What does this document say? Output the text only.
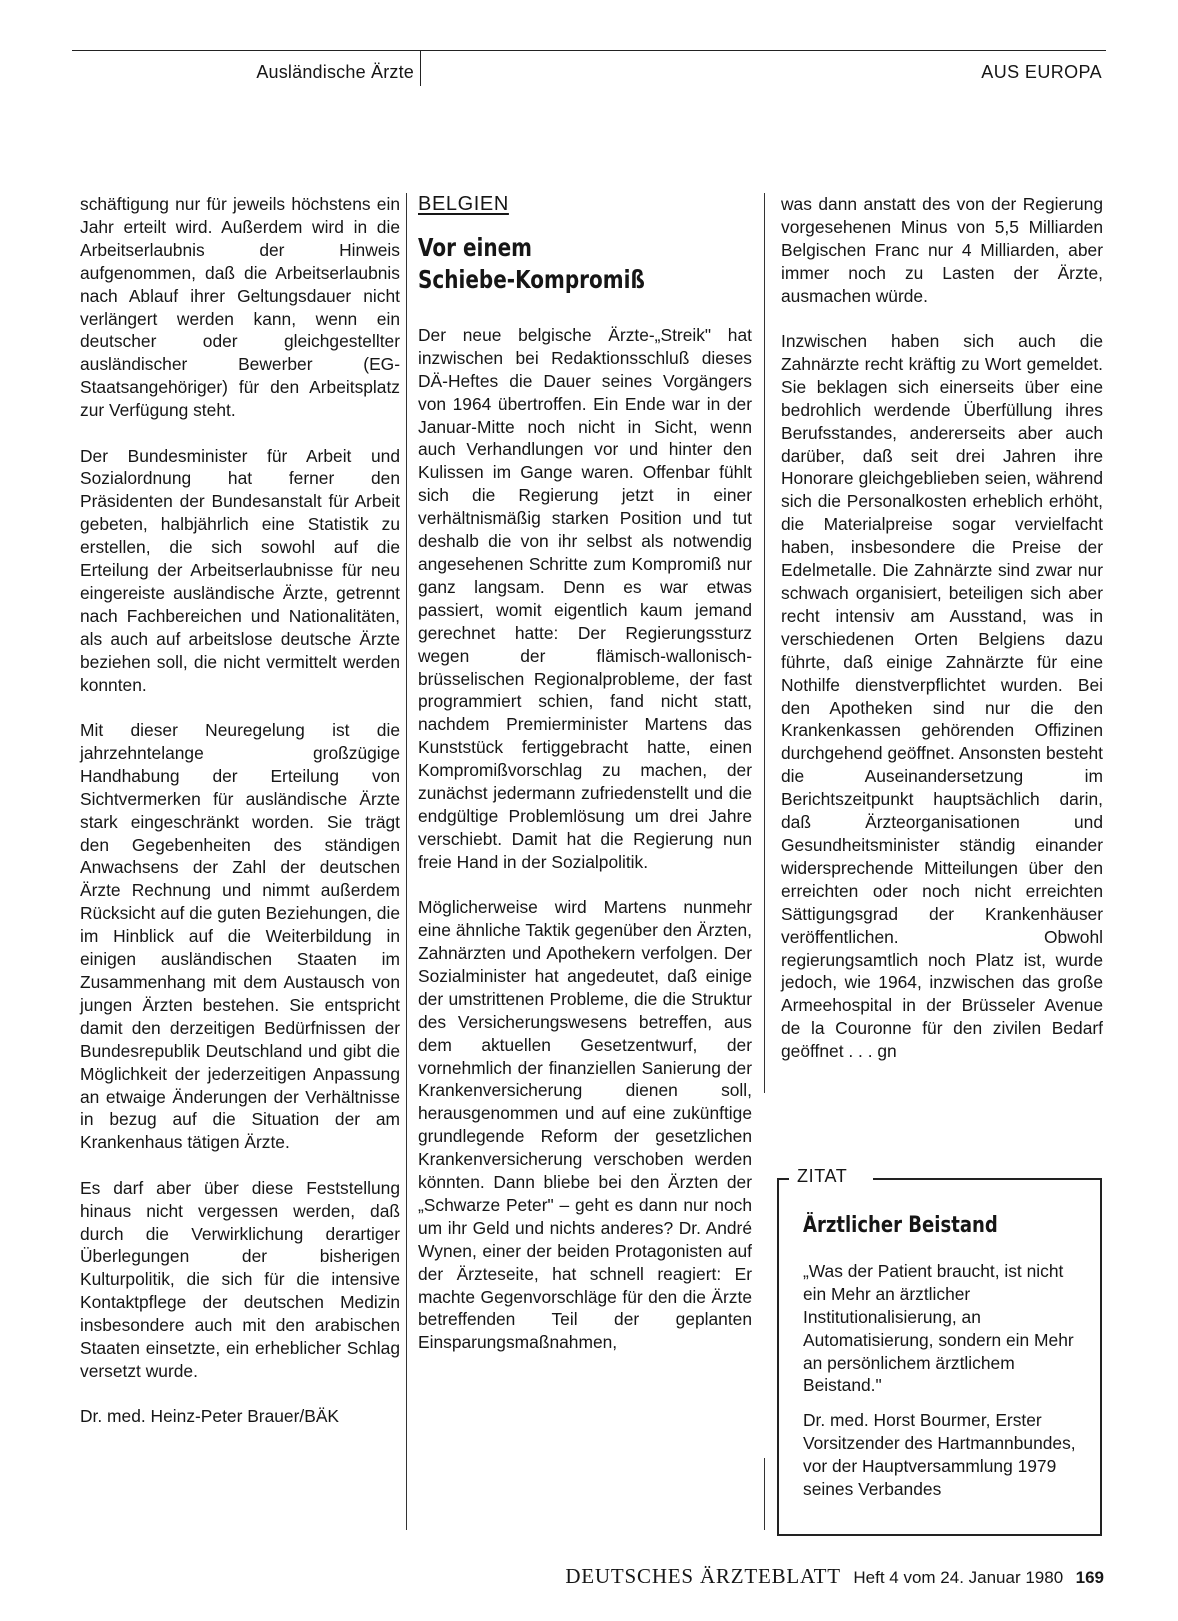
Ausländische Ärzte	AUS EUROPA

schäftigung nur für jeweils höchstens ein Jahr erteilt wird. Außerdem wird in die Arbeitserlaubnis der Hinweis aufgenommen, daß die Arbeitserlaubnis nach Ablauf ihrer Geltungsdauer nicht verlängert werden kann, wenn ein deutscher oder gleichgestellter ausländischer Bewerber (EG-Staatsangehöriger) für den Arbeitsplatz zur Verfügung steht.

Der Bundesminister für Arbeit und Sozialordnung hat ferner den Präsidenten der Bundesanstalt für Arbeit gebeten, halbjährlich eine Statistik zu erstellen, die sich sowohl auf die Erteilung der Arbeitserlaubnisse für neu eingereiste ausländische Ärzte, getrennt nach Fachbereichen und Nationalitäten, als auch auf arbeitslose deutsche Ärzte beziehen soll, die nicht vermittelt werden konnten.

Mit dieser Neuregelung ist die jahrzehntelange großzügige Handhabung der Erteilung von Sichtvermerken für ausländische Ärzte stark eingeschränkt worden. Sie trägt den Gegebenheiten des ständigen Anwachsens der Zahl der deutschen Ärzte Rechnung und nimmt außerdem Rücksicht auf die guten Beziehungen, die im Hinblick auf die Weiterbildung in einigen ausländischen Staaten im Zusammenhang mit dem Austausch von jungen Ärzten bestehen. Sie entspricht damit den derzeitigen Bedürfnissen der Bundesrepublik Deutschland und gibt die Möglichkeit der jederzeitigen Anpassung an etwaige Änderungen der Verhältnisse in bezug auf die Situation der am Krankenhaus tätigen Ärzte.

Es darf aber über diese Feststellung hinaus nicht vergessen werden, daß durch die Verwirklichung derartiger Überlegungen der bisherigen Kulturpolitik, die sich für die intensive Kontaktpflege der deutschen Medizin insbesondere auch mit den arabischen Staaten einsetzte, ein erheblicher Schlag versetzt wurde.

Dr. med. Heinz-Peter Brauer/BÄK

BELGIEN
Vor einem
Schiebe-Kompromiß

Der neue belgische Ärzte-„Streik" hat inzwischen bei Redaktionsschluß dieses DÄ-Heftes die Dauer seines Vorgängers von 1964 übertroffen. Ein Ende war in der Januar-Mitte noch nicht in Sicht, wenn auch Verhandlungen vor und hinter den Kulissen im Gange waren. Offenbar fühlt sich die Regierung jetzt in einer verhältnismäßig starken Position und tut deshalb die von ihr selbst als notwendig angesehenen Schritte zum Kompromiß nur ganz langsam. Denn es war etwas passiert, womit eigentlich kaum jemand gerechnet hatte: Der Regierungssturz wegen der flämisch-wallonisch-brüsselischen Regionalprobleme, der fast programmiert schien, fand nicht statt, nachdem Premierminister Martens das Kunststück fertiggebracht hatte, einen Kompromißvorschlag zu machen, der zunächst jedermann zufriedenstellt und die endgültige Problemlösung um drei Jahre verschiebt. Damit hat die Regierung nun freie Hand in der Sozialpolitik.

Möglicherweise wird Martens nunmehr eine ähnliche Taktik gegenüber den Ärzten, Zahnärzten und Apothekern verfolgen. Der Sozialminister hat angedeutet, daß einige der umstrittenen Probleme, die die Struktur des Versicherungswesens betreffen, aus dem aktuellen Gesetzentwurf, der vornehmlich der finanziellen Sanierung der Krankenversicherung dienen soll, herausgenommen und auf eine zukünftige grundlegende Reform der gesetzlichen Krankenversicherung verschoben werden könnten. Dann bliebe bei den Ärzten der „Schwarze Peter" – geht es dann nur noch um ihr Geld und nichts anderes? Dr. André Wynen, einer der beiden Protagonisten auf der Ärzteseite, hat schnell reagiert: Er machte Gegenvorschläge für den die Ärzte betreffenden Teil der geplanten Einsparungsmaßnahmen,

was dann anstatt des von der Regierung vorgesehenen Minus von 5,5 Milliarden Belgischen Franc nur 4 Milliarden, aber immer noch zu Lasten der Ärzte, ausmachen würde.

Inzwischen haben sich auch die Zahnärzte recht kräftig zu Wort gemeldet. Sie beklagen sich einerseits über eine bedrohlich werdende Überfüllung ihres Berufsstandes, andererseits aber auch darüber, daß seit drei Jahren ihre Honorare gleichgeblieben seien, während sich die Personalkosten erheblich erhöht, die Materialpreise sogar vervielfacht haben, insbesondere die Preise der Edelmetalle. Die Zahnärzte sind zwar nur schwach organisiert, beteiligen sich aber recht intensiv am Ausstand, was in verschiedenen Orten Belgiens dazu führte, daß einige Zahnärzte für eine Nothilfe dienstverpflichtet wurden. Bei den Apotheken sind nur die den Krankenkassen gehörenden Offizinen durchgehend geöffnet. Ansonsten besteht die Auseinandersetzung im Berichtszeitpunkt hauptsächlich darin, daß Ärzteorganisationen und Gesundheitsminister ständig einander widersprechende Mitteilungen über den erreichten oder noch nicht erreichten Sättigungsgrad der Krankenhäuser veröffentlichen. Obwohl regierungsamtlich noch Platz ist, wurde jedoch, wie 1964, inzwischen das große Armeehospital in der Brüsseler Avenue de la Couronne für den zivilen Bedarf geöffnet . . . gn

ZITAT
Ärztlicher Beistand

„Was der Patient braucht, ist nicht ein Mehr an ärztlicher Institutionalisierung, an Automatisierung, sondern ein Mehr an persönlichem ärztlichem Beistand."

Dr. med. Horst Bourmer, Erster Vorsitzender des Hartmannbundes, vor der Hauptversammlung 1979 seines Verbandes

DEUTSCHES ÄRZTEBLATT Heft 4 vom 24. Januar 1980 169
